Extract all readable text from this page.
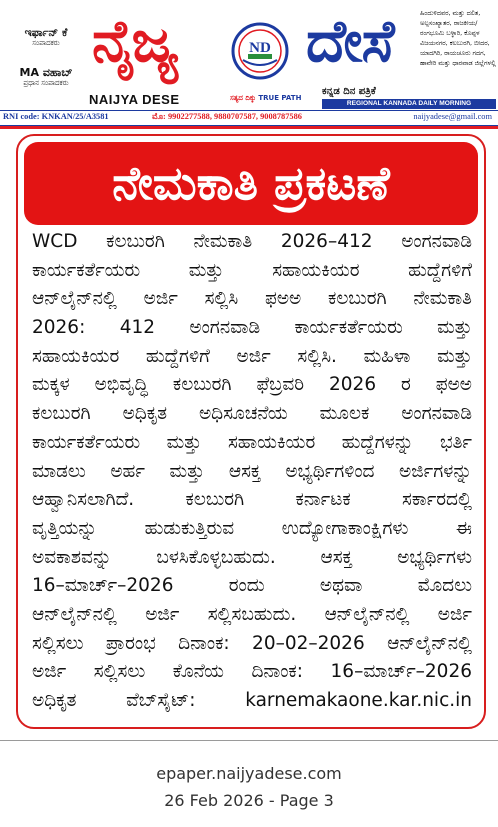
ಇರ್ಫಾನ್ ಕೆ
ಸಂಪಾದಕರು
MA ವಹಾಬ್
ಪ್ರಧಾನ ಸಂಪಾದಕರು
ನೈಜ್ಯ	ND ದೇಸೆ
NAIJYA DESE	ಸತ್ಯದ ದಿಕ್ಕು TRUE PATH
ಕನ್ನಡ ದಿನ ಪತ್ರಿಕೆ
ಹಿಂದುಳಿದವರ, ಮತ್ತು ದಲಿತ, ಅಲ್ಪಸಂಖ್ಯಾತರ, ರಾಜಕೀಯ/ರಂಗಭೂಮಿ ಬಳ್ಳಾರಿ, ಕೊಪ್ಪಳ ವಿಜಯನಗರ, ಕಲಬುರಗಿ, ಬೀದರ, ಯಾದಗಿರಿ, ರಾಯಚೂರು ಗದಗ, ಹಾವೇರಿ ಮತ್ತು ಧಾರವಾಡ ಜಿಲ್ಲೆಗಳಲ್ಲಿ
REGIONAL KANNADA DAILY MORNING
RNI code: KNKAN/25/A3581	ಮೊ: 9902277588, 9880707587, 9008787586	naijyadese@gmail.com
ನೇಮಕಾತಿ ಪ್ರಕಟಣೆ
WCD ಕಲಬುರಗಿ ನೇಮಕಾತಿ 2026–412 ಅಂಗನವಾಡಿ
ಕಾರ್ಯಕರ್ತೆಯರು ಮತ್ತು ಸಹಾಯಕಿಯರ ಹುದ್ದೆಗಳಿಗೆ
ಆನ್‌ಲೈನ್‌ನಲ್ಲಿ ಅರ್ಜಿ ಸಲ್ಲಿಸಿ ಫಅಅ ಕಲಬುರಗಿ ನೇಮಕಾತಿ
2026: 412 ಅಂಗನವಾಡಿ ಕಾರ್ಯಕರ್ತೆಯರು ಮತ್ತು
ಸಹಾಯಕಿಯರ ಹುದ್ದೆಗಳಿಗೆ ಅರ್ಜಿ ಸಲ್ಲಿಸಿ. ಮಹಿಳಾ ಮತ್ತು
ಮಕ್ಕಳ ಅಭಿವೃದ್ಧಿ ಕಲಬುರಗಿ ಫೆಬ್ರವರಿ 2026 ರ ಫಅಅ
ಕಲಬುರಗಿ ಅಧಿಕೃತ ಅಧಿಸೂಚನೆಯ ಮೂಲಕ ಅಂಗನವಾಡಿ
ಕಾರ್ಯಕರ್ತೆಯರು ಮತ್ತು ಸಹಾಯಕಿಯರ ಹುದ್ದೆಗಳನ್ನು ಭರ್ತಿ
ಮಾಡಲು ಅರ್ಹ ಮತ್ತು ಆಸಕ್ತ ಅಭ್ಯರ್ಥಿಗಳಿಂದ ಅರ್ಜಿಗಳನ್ನು
ಆಹ್ವಾನಿಸಲಾಗಿದೆ. ಕಲಬುರಗಿ ಕರ್ನಾಟಕ ಸರ್ಕಾರದಲ್ಲಿ
ವೃತ್ತಿಯನ್ನು ಹುಡುಕುತ್ತಿರುವ ಉದ್ಯೋಗಾಕಾಂಕ್ಷಿಗಳು ಈ
ಅವಕಾಶವನ್ನು ಬಳಸಿಕೊಳ್ಳಬಹುದು. ಆಸಕ್ತ ಅಭ್ಯರ್ಥಿಗಳು
16–ಮಾರ್ಚ್–2026 ರಂದು ಅಥವಾ ಮೊದಲು
ಆನ್‌ಲೈನ್‌ನಲ್ಲಿ ಅರ್ಜಿ ಸಲ್ಲಿಸಬಹುದು. ಆನ್‌ಲೈನ್‌ನಲ್ಲಿ ಅರ್ಜಿ
ಸಲ್ಲಿಸಲು ಪ್ರಾರಂಭ ದಿನಾಂಕ: 20–02–2026 ಆನ್‌ಲೈನ್‌ನಲ್ಲಿ
ಅರ್ಜಿ ಸಲ್ಲಿಸಲು ಕೊನೆಯ ದಿನಾಂಕ: 16–ಮಾರ್ಚ್–2026
ಅಧಿಕೃತ ವೆಬ್‌ಸೈಟ್: karnemakaone.kar.nic.in
epaper.naijyadese.com
26 Feb 2026 - Page 3
